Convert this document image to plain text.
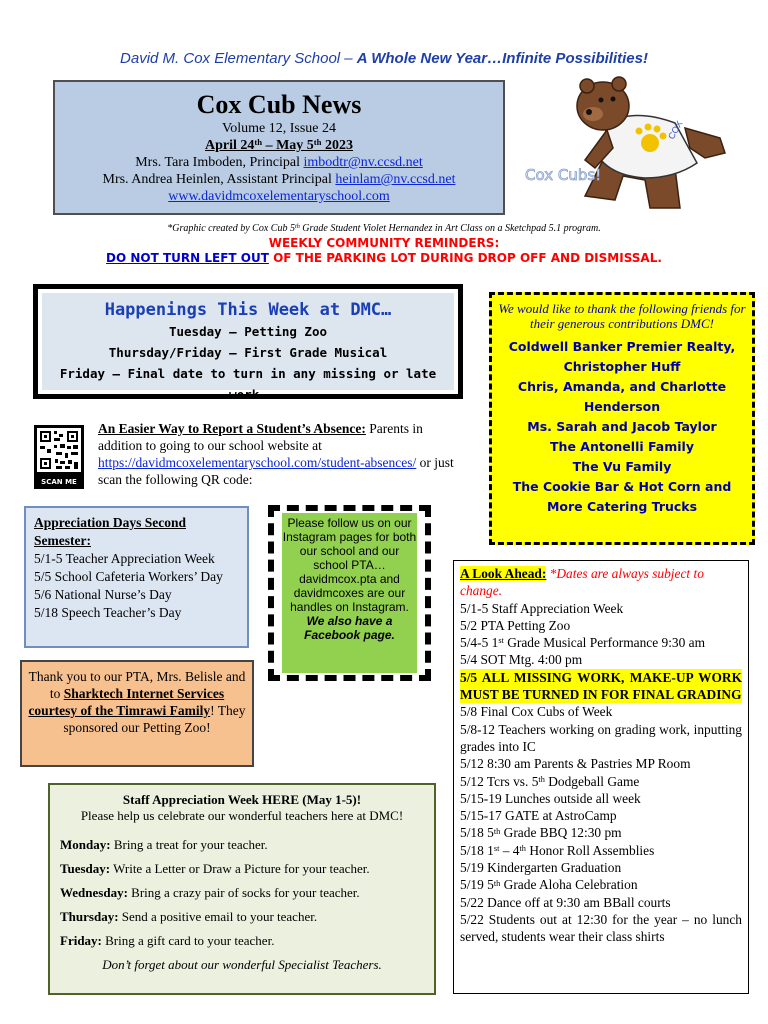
David M. Cox Elementary School – A Whole New Year…Infinite Possibilities!
Cox Cub News
Volume 12, Issue 24
April 24th – May 5th 2023
Mrs. Tara Imboden, Principal imbodtr@nv.ccsd.net
Mrs. Andrea Heinlen, Assistant Principal heinlam@nv.ccsd.net
www.davidmcoxelementaryschool.com
COX
Cox Cubs!
*Graphic created by Cox Cub 5th Grade Student Violet Hernandez in Art Class on a Sketchpad 5.1 program.
WEEKLY COMMUNITY REMINDERS:
DO NOT TURN LEFT OUT OF THE PARKING LOT DURING DROP OFF AND DISMISSAL.
Happenings This Week at DMC…
Tuesday – Petting Zoo
Thursday/Friday – First Grade Musical
Friday – Final date to turn in any missing or late work.
We would like to thank the following friends for their generous contributions DMC!
Coldwell Banker Premier Realty, Christopher Huff
Chris, Amanda, and Charlotte Henderson
Ms. Sarah and Jacob Taylor
The Antonelli Family
The Vu Family
The Cookie Bar & Hot Corn and More Catering Trucks
SCAN ME
An Easier Way to Report a Student’s Absence: Parents in addition to going to our school website at https://davidmcoxelementaryschool.com/student-absences/ or just scan the following QR code:
Appreciation Days Second Semester:
5/1-5 Teacher Appreciation Week
5/5 School Cafeteria Workers’ Day
5/6 National Nurse’s Day
5/18 Speech Teacher’s Day
Please follow us on our Instagram pages for both our school and our school PTA… davidmcox.pta and davidmcoxes are our handles on Instagram.
We also have a Facebook page.
Thank you to our PTA, Mrs. Belisle and to Sharktech Internet Services courtesy of the Timrawi Family! They sponsored our Petting Zoo!
Staff Appreciation Week HERE (May 1-5)!
Please help us celebrate our wonderful teachers here at DMC!
Monday: Bring a treat for your teacher.
Tuesday: Write a Letter or Draw a Picture for your teacher.
Wednesday: Bring a crazy pair of socks for your teacher.
Thursday: Send a positive email to your teacher.
Friday: Bring a gift card to your teacher.
Don’t forget about our wonderful Specialist Teachers.
A Look Ahead: *Dates are always subject to change.
5/1-5 Staff Appreciation Week
5/2 PTA Petting Zoo
5/4-5 1st Grade Musical Performance 9:30 am
5/4 SOT Mtg. 4:00 pm
5/5 ALL MISSING WORK, MAKE-UP WORK MUST BE TURNED IN FOR FINAL GRADING
5/8 Final Cox Cubs of Week
5/8-12 Teachers working on grading work, inputting grades into IC
5/12 8:30 am Parents & Pastries MP Room
5/12 Tcrs vs. 5th Dodgeball Game
5/15-19 Lunches outside all week
5/15-17 GATE at AstroCamp
5/18 5th Grade BBQ 12:30 pm
5/18 1st – 4th Honor Roll Assemblies
5/19 Kindergarten Graduation
5/19 5th Grade Aloha Celebration
5/22 Dance off at 9:30 am BBall courts
5/22 Students out at 12:30 for the year – no lunch served, students wear their class shirts
